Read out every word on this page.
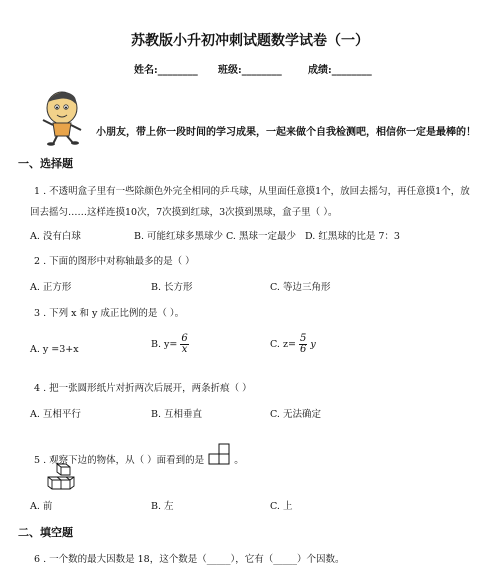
苏教版小升初冲刺试题数学试卷（一）
姓名:________ 班级:________	成绩:________
小朋友，带上你一段时间的学习成果，一起来做个自我检测吧，相信你一定是最棒的！
一、选择题
1 . 不透明盒子里有一些除颜色外完全相同的乒乓球，从里面任意摸1个，放回去摇匀，再任意摸1个，放
回去摇匀……这样连摸10次，7次摸到红球，3次摸到黑球，盒子里（ ）。
A. 没有白球	B. 可能红球多黑球少 C. 黑球一定最少 D. 红黑球的比是 7：3
2 . 下面的图形中对称轴最多的是（ ）
A. 正方形	B. 长方形	C. 等边三角形
3 . 下列 x 和 y 成正比例的是（ ）。
A. y =3+x	B. $y= \frac{6}{x}$	C. $z= \frac{5}{6}$ y
4 . 把一张圆形纸片对折两次后展开，两条折痕（ ）
A. 互相平行	B. 互相垂直	C. 无法确定
5 . 观察下边的物体，从（ ）面看到的是	。
A. 前	B. 左	C. 上
二、填空题
6 . 一个数的最大因数是 18，这个数是（_____），它有（_____）个因数。
